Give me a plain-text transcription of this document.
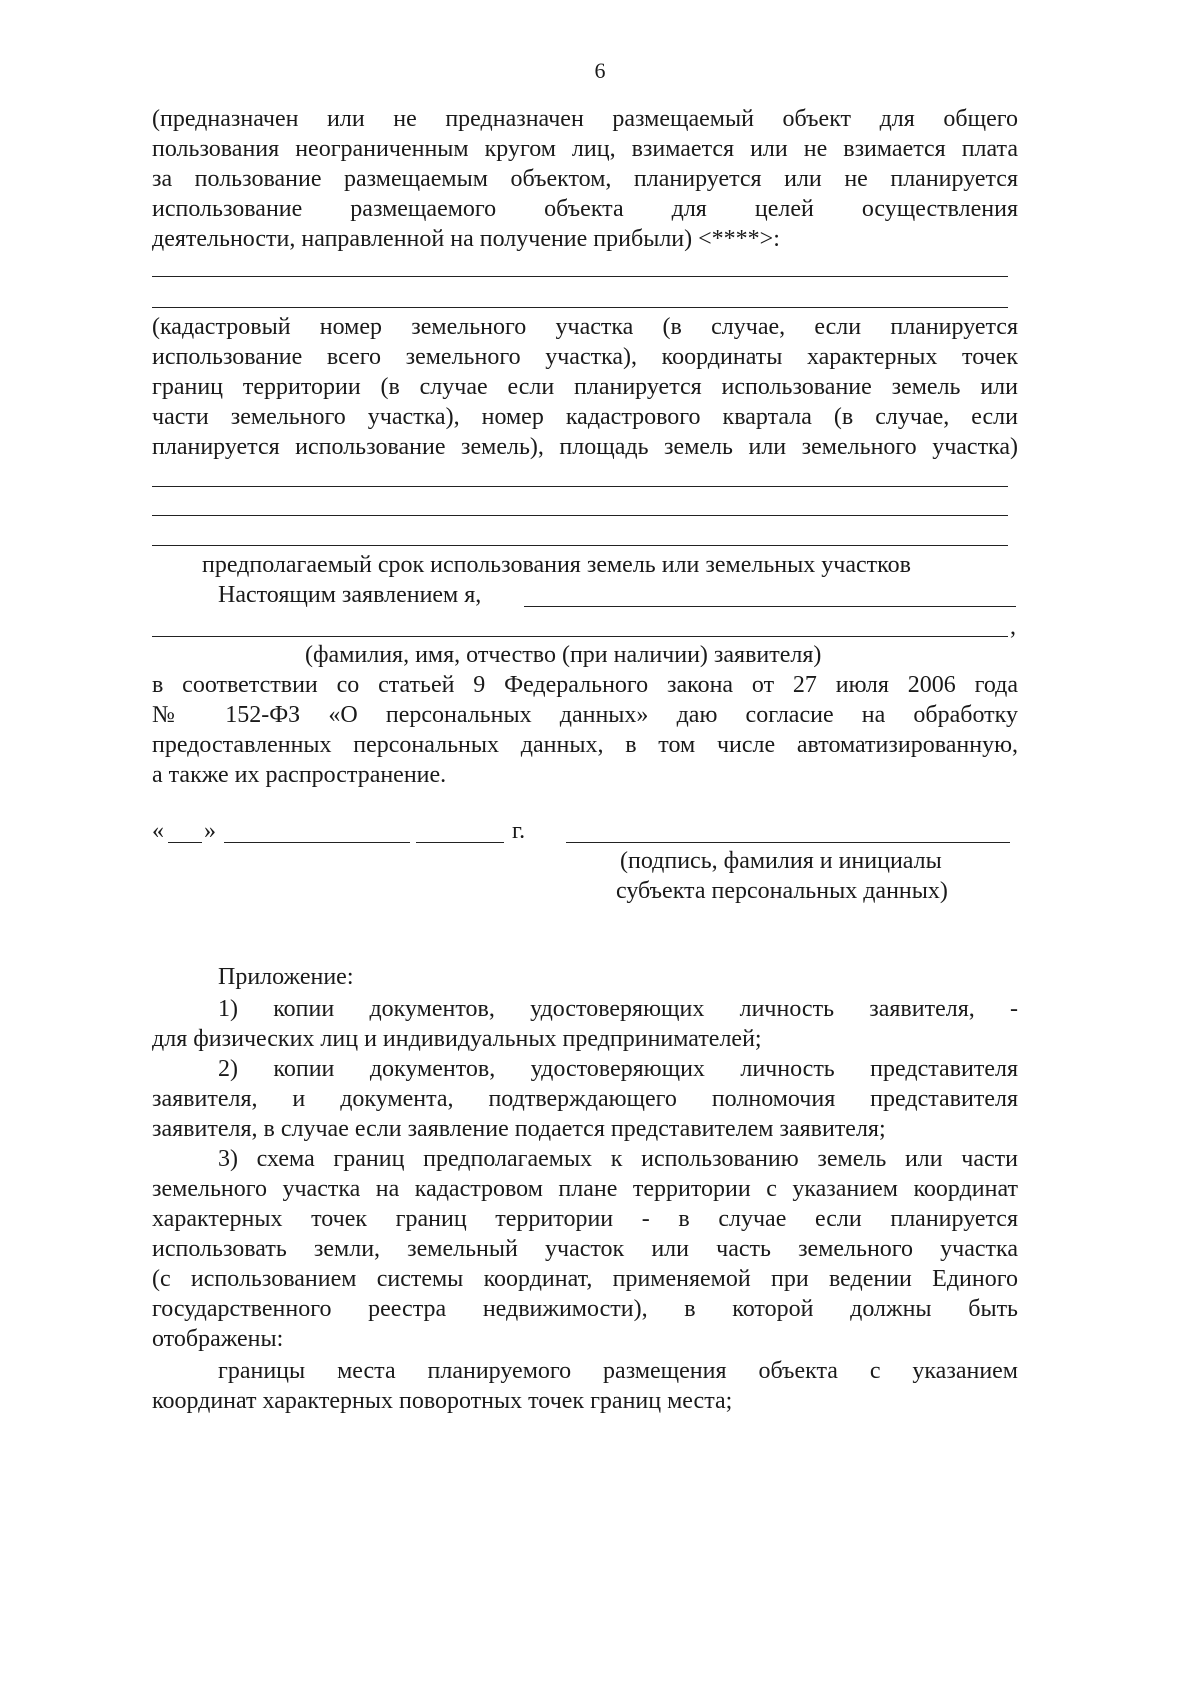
6
(предназначен или не предназначен размещаемый объект для общего
пользования неограниченным кругом лиц, взимается или не взимается плата
за пользование размещаемым объектом, планируется или не планируется
использование размещаемого объекта для целей осуществления
деятельности, направленной на получение прибыли) <****>:
(кадастровый номер земельного участка (в случае, если планируется
использование всего земельного участка), координаты характерных точек
границ территории (в случае если планируется использование земель или
части земельного участка), номер кадастрового квартала (в случае, если
планируется использование земель), площадь земель или земельного участка)
предполагаемый срок использования земель или земельных участков
Настоящим заявлением я,
,
(фамилия, имя, отчество (при наличии) заявителя)
в соответствии со статьей 9 Федерального закона от 27 июля 2006 года
№ 152-ФЗ «О персональных данных» даю согласие на обработку
предоставленных персональных данных, в том числе автоматизированную,
а также их распространение.
« »	г.
(подпись, фамилия и инициалы
субъекта персональных данных)
Приложение:
1) копии документов, удостоверяющих личность заявителя, -
для физических лиц и индивидуальных предпринимателей;
2) копии документов, удостоверяющих личность представителя
заявителя, и документа, подтверждающего полномочия представителя
заявителя, в случае если заявление подается представителем заявителя;
3) схема границ предполагаемых к использованию земель или части
земельного участка на кадастровом плане территории с указанием координат
характерных точек границ территории - в случае если планируется
использовать земли, земельный участок или часть земельного участка
(с использованием системы координат, применяемой при ведении Единого
государственного реестра недвижимости), в которой должны быть
отображены:
границы места планируемого размещения объекта с указанием
координат характерных поворотных точек границ места;
